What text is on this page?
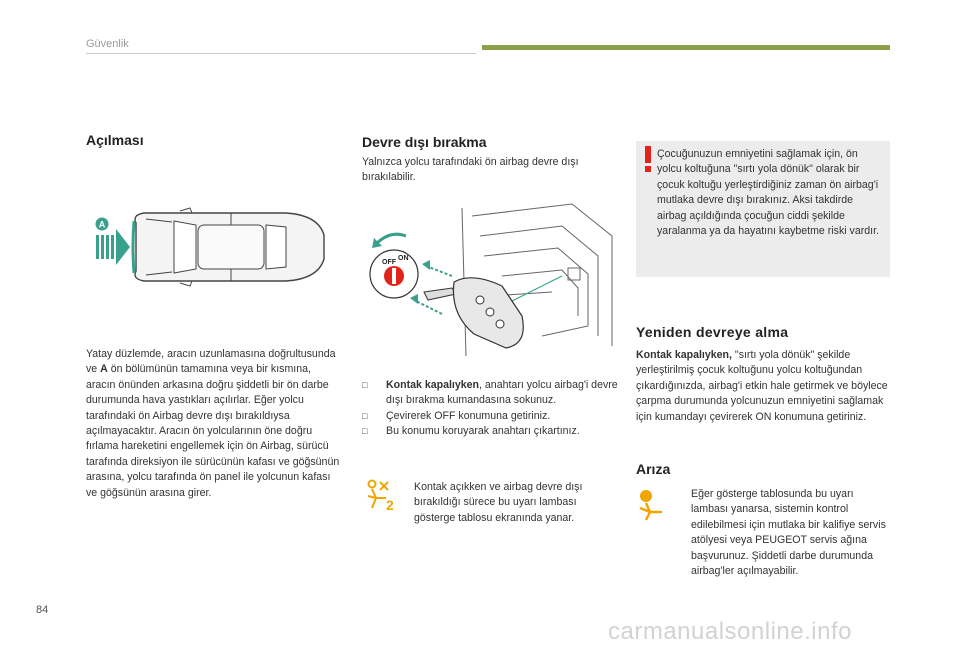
Güvenlik
Açılması
A

Yatay düzlemde, aracın uzunlamasına doğrultusunda ve A ön bölümünün tamamına veya bir kısmına, aracın önünden arkasına doğru şiddetli bir ön darbe durumunda hava yastıkları açılırlar. Eğer yolcu tarafındaki ön Airbag devre dışı bırakıldıysa açılmayacaktır. Aracın ön yolcularının öne doğru fırlama hareketini engellemek için ön Airbag, sürücü tarafında direksiyon ile sürücünün kafası ve göğsünün arasına, yolcu tarafında ön panel ile yolcunun kafası ve göğsünün arasına girer.

Devre dışı bırakma

Yalnızca yolcu tarafındaki ön airbag devre dışı bırakılabilir.

OFF
ON
□ Kontak kapalıyken, anahtarı yolcu airbag'i devre dışı bırakma kumandasına sokunuz.
□ Çevirerek OFF konumuna getiriniz.
□ Bu konumu koruyarak anahtarı çıkartınız.
2

Kontak açıkken ve airbag devre dışı bırakıldığı sürece bu uyarı lambası gösterge tablosu ekranında yanar.

Çocuğunuzun emniyetini sağlamak için, ön yolcu koltuğuna "sırtı yola dönük" olarak bir çocuk koltuğu yerleştirdiğiniz zaman ön airbag'i mutlaka devre dışı bırakınız. Aksi takdirde airbag açıldığında çocuğun ciddi şekilde yaralanma ya da hayatını kaybetme riski vardır.

Yeniden devreye alma

Kontak kapalıyken, "sırtı yola dönük" şekilde yerleştirilmiş çocuk koltuğunu yolcu koltuğundan çıkardığınızda, airbag'i etkin hale getirmek ve böylece çarpma durumunda yolcunuzun emniyetini sağlamak için kumandayı çevirerek ON konumuna getiriniz.

Arıza

Eğer gösterge tablosunda bu uyarı lambası yanarsa, sistemin kontrol edilebilmesi için mutlaka bir kalifiye servis atölyesi veya PEUGEOT servis ağına başvurunuz. Şiddetli darbe durumunda airbag'ler açılmayabilir.

84
carmanualsonline.info
